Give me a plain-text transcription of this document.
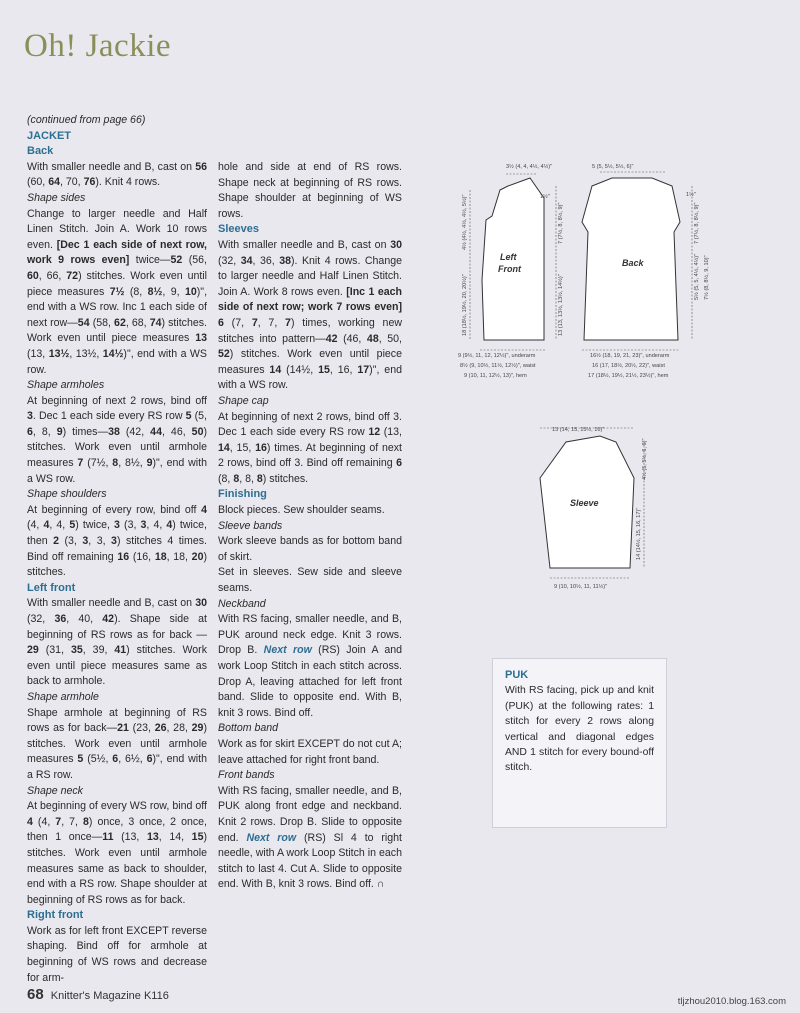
Oh! Jackie

(continued from page 66)

JACKET
Back

With smaller needle and B, cast on 56 (60, 64, 70, 76). Knit 4 rows.

Shape sides

Change to larger needle and Half Linen Stitch. Join A. Work 10 rows even. [Dec 1 each side of next row, work 9 rows even] twice—52 (56, 60, 66, 72) stitches. Work even until piece measures 7½ (8, 8½, 9, 10)", end with a WS row. Inc 1 each side of next row—54 (58, 62, 68, 74) stitches. Work even until piece measures 13 (13, 13½, 13½, 14½)", end with a WS row.

Shape armholes

At beginning of next 2 rows, bind off 3. Dec 1 each side every RS row 5 (5, 6, 8, 9) times—38 (42, 44, 46, 50) stitches. Work even until armhole measures 7 (7½, 8, 8½, 9)", end with a WS row.

Shape shoulders

At beginning of every row, bind off 4 (4, 4, 4, 5) twice, 3 (3, 3, 4, 4) twice, then 2 (3, 3, 3, 3) stitches 4 times. Bind off remaining 16 (16, 18, 18, 20) stitches.

Left front

With smaller needle and B, cast on 30 (32, 36, 40, 42). Shape side at beginning of RS rows as for back —29 (31, 35, 39, 41) stitches. Work even until piece measures same as back to armhole.

Shape armhole

Shape armhole at beginning of RS rows as for back—21 (23, 26, 28, 29) stitches. Work even until armhole measures 5 (5½, 6, 6½, 6)", end with a RS row.

Shape neck

At beginning of every WS row, bind off 4 (4, 7, 7, 8) once, 3 once, 2 once, then 1 once—11 (13, 13, 14, 15) stitches. Work even until armhole measures same as back to shoulder, end with a RS row. Shape shoulder at beginning of RS rows as for back.

Right front

Work as for left front EXCEPT reverse shaping. Bind off for armhole at beginning of WS rows and decrease for arm-

hole and side at end of RS rows. Shape neck at beginning of RS rows. Shape shoulder at beginning of WS rows.

Sleeves

With smaller needle and B, cast on 30 (32, 34, 36, 38). Knit 4 rows. Change to larger needle and Half Linen Stitch. Join A. Work 8 rows even. [Inc 1 each side of next row; work 7 rows even] 6 (7, 7, 7, 7) times, working new stitches into pattern—42 (46, 48, 50, 52) stitches. Work even until piece measures 14 (14½, 15, 16, 17)", end with a WS row.

Shape cap

At beginning of next 2 rows, bind off 3. Dec 1 each side every RS row 12 (13, 14, 15, 16) times. At beginning of next 2 rows, bind off 3. Bind off remaining 6 (8, 8, 8, 8) stitches.

Finishing

Block pieces. Sew shoulder seams.

Sleeve bands

Work sleeve bands as for bottom band of skirt.

Set in sleeves. Sew side and sleeve seams.

Neckband

With RS facing, smaller needle, and B, PUK around neck edge. Knit 3 rows. Drop B. Next row (RS) Join A and work Loop Stitch in each stitch across. Drop A, leaving attached for left front band. Slide to opposite end. With B, knit 3 rows. Bind off.

Bottom band

Work as for skirt EXCEPT do not cut A; leave attached for right front band.

Front bands

With RS facing, smaller needle, and B, PUK along front edge and neckband. Knit 2 rows. Drop B. Slide to opposite end. Next row (RS) Sl 4 to right needle, with A work Loop Stitch in each stitch to last 4. Cut A. Slide to opposite end. With B, knit 3 rows. Bind off. ∩

Left
Front
Back
Sleeve
3½ (4, 4, 4½, 4½)"
1½"
5 (5, 5½, 5½, 6)"
1½"
4½ (4½, 4½, 4½, 5½)"
18 (18½, 19½, 20, 20½)"
7 (7½, 8, 8½, 9)"
13 (13, 13½, 13½, 14½)"
7 (7½, 8, 8½, 9)"
5½ (5, 5, 4½, 4½)" 7½ (8, 8½, 9, 10)"
9 (9½, 11, 12, 12½)", underarm
8½ (9, 10½, 11½, 12½)", waist
9 (10, 11, 12½, 13)", hem
16½ (18, 19, 21, 23)", underarm
16 (17, 18½, 20½, 22)", waist
17 (18½, 19½, 21½, 23½)", hem
13 (14, 15, 15½, 16)"
4½ (5, 5½, 6, 6)"
14 (14½, 15, 16, 17)"
9 (10, 10½, 11, 11½)"
PUK
With RS facing, pick up and knit (PUK) at the following rates: 1 stitch for every 2 rows along vertical and diagonal edges AND 1 stitch for every bound-off stitch.
68 Knitter's Magazine K116	tljzhou2010.blog.163.com
